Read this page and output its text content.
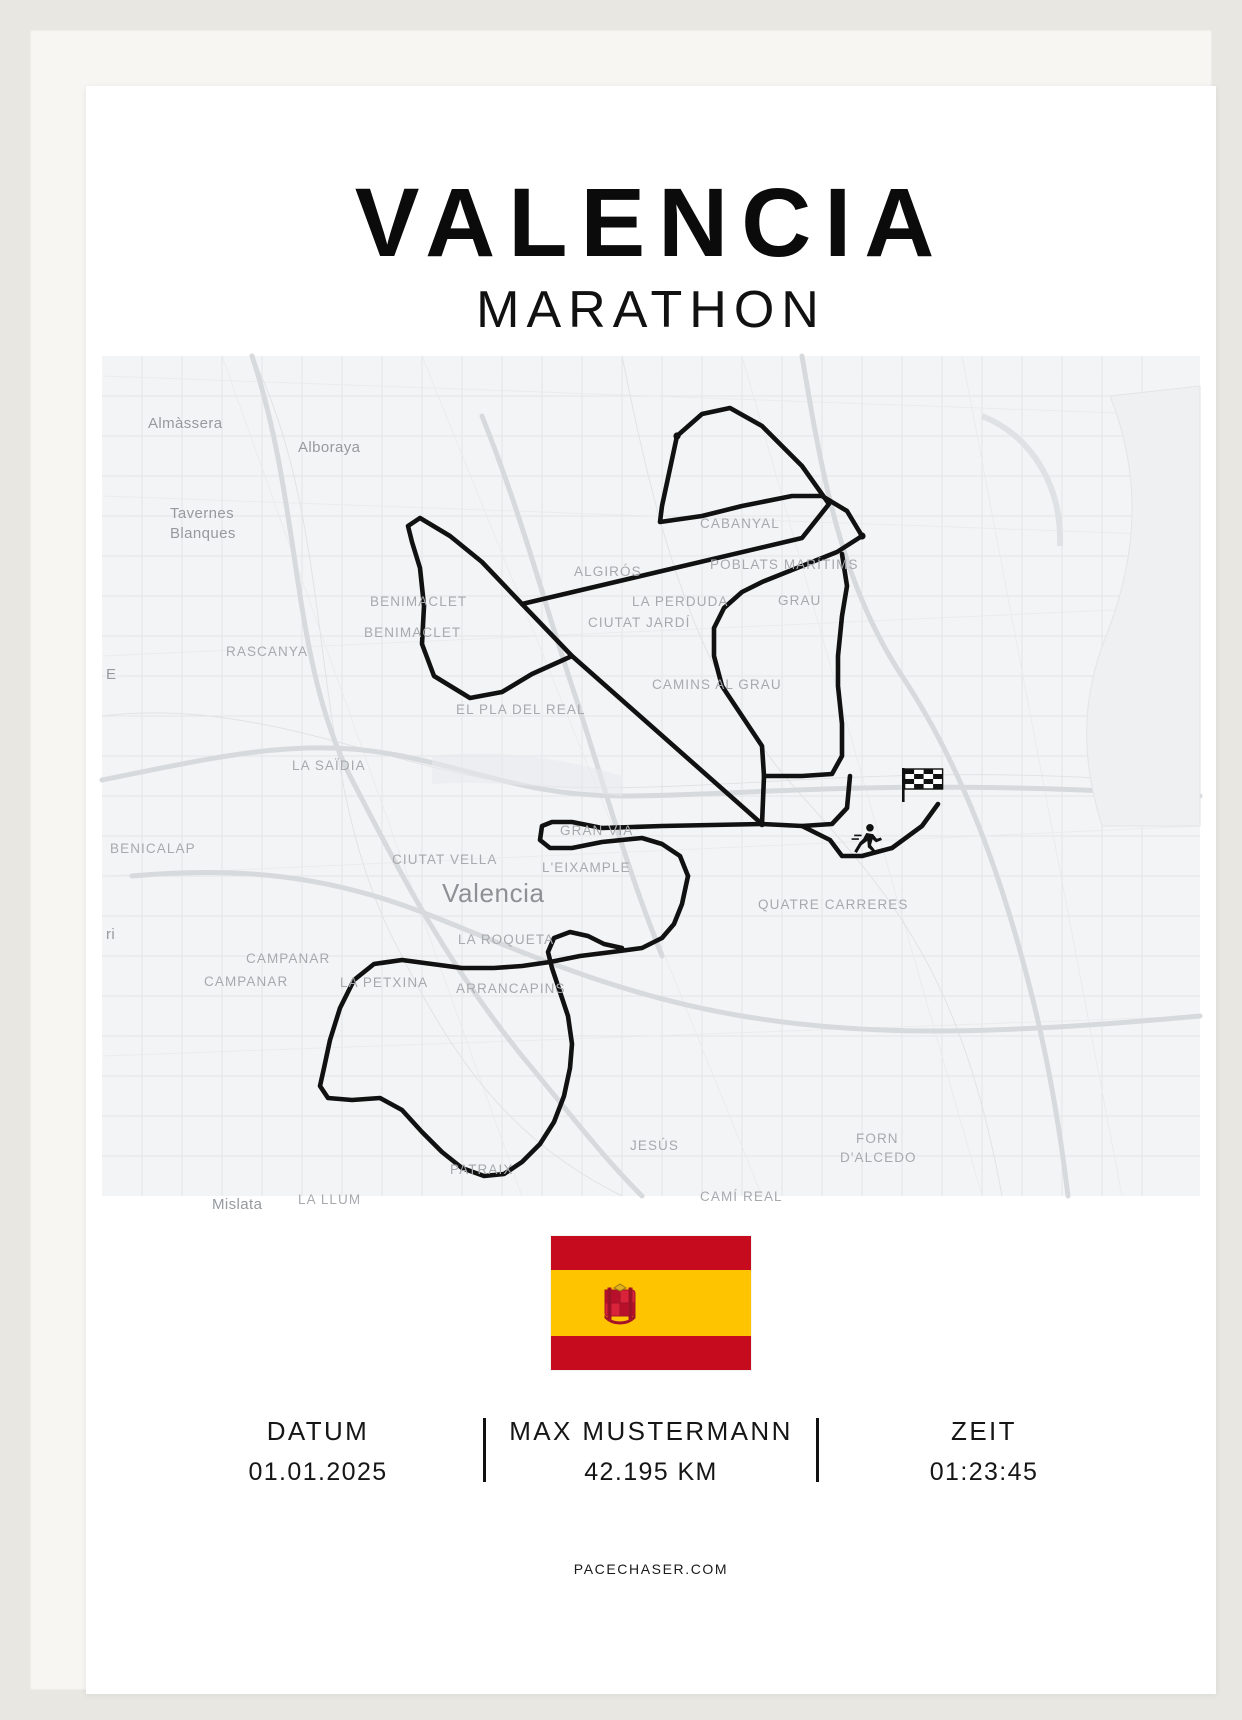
VALENCIA
MARATHON
Almàssera
Alboraya
Tavernes
Blanques
Mislata
E
ri
CABANYAL
POBLATS MARÍTIMS
ALGIRÓS
LA PERDUDA
CIUTAT JARDÍ
GRAU
BENIMACLET
BENIMACLET
RASCANYA
CAMINS AL GRAU
EL PLA DEL REAL
LA SAÏDIA
GRAN VIA
BENICALAP
CIUTAT VELLA
L'EIXAMPLE
QUATRE CARRERES
LA ROQUETA
CAMPANAR
CAMPANAR	LA PETXINA ARRANCAPINS
JESÚS	FORN
D'ALCEDO
PATRAIX
LA LLUM	CAMÍ REAL
Valencia
DATUM
01.01.2025
MAX MUSTERMANN
42.195 KM
ZEIT
01:23:45
PACECHASER.COM
